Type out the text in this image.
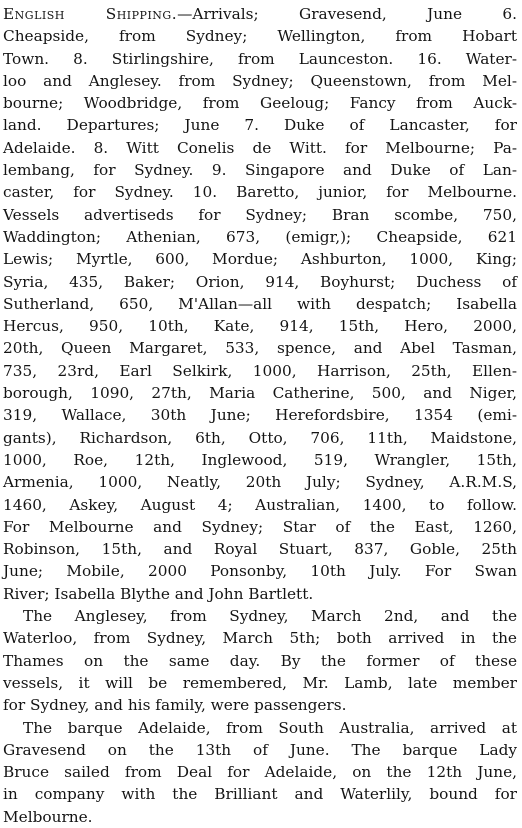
English Shipping.—Arrivals; Gravesend, June 6.
Cheapside, from Sydney; Wellington, from Hobart
Town. 8. Stirlingshire, from Launceston. 16. Water-
loo and Anglesey. from Sydney; Queenstown, from Mel-
bourne; Woodbridge, from Geeloug; Fancy from Auck-
land. Departures; June 7. Duke of Lancaster, for
Adelaide. 8. Witt Conelis de Witt. for Melbourne; Pa-
lembang, for Sydney. 9. Singapore and Duke of Lan-
caster, for Sydney. 10. Baretto, junior, for Melbourne.
Vessels advertiseds for Sydney; Bran scombe, 750,
Waddington; Athenian, 673, (emigr,); Cheapside, 621
Lewis; Myrtle, 600, Mordue; Ashburton, 1000, King;
Syria, 435, Baker; Orion, 914, Boyhurst; Duchess of
Sutherland, 650, M'Allan—all with despatch; Isabella
Hercus, 950, 10th, Kate, 914, 15th, Hero, 2000,
20th, Queen Margaret, 533, spence, and Abel Tasman,
735, 23rd, Earl Selkirk, 1000, Harrison, 25th, Ellen-
borough, 1090, 27th, Maria Catherine, 500, and Niger,
319, Wallace, 30th June; Herefordsbire, 1354 (emi-
gants), Richardson, 6th, Otto, 706, 11th, Maidstone,
1000, Roe, 12th, Inglewood, 519, Wrangler, 15th,
Armenia, 1000, Neatly, 20th July; Sydney, A.R.M.S,
1460, Askey, August 4; Australian, 1400, to follow.
For Melbourne and Sydney; Star of the East, 1260,
Robinson, 15th, and Royal Stuart, 837, Goble, 25th
June; Mobile, 2000 Ponsonby, 10th July. For Swan
River; Isabella Blythe and John Bartlett.
The Anglesey, from Sydney, March 2nd, and the
Waterloo, from Sydney, March 5th; both arrived in the
Thames on the same day. By the former of these
vessels, it will be remembered, Mr. Lamb, late member
for Sydney, and his family, were passengers.
The barque Adelaide, from South Australia, arrived at
Gravesend on the 13th of June. The barque Lady
Bruce sailed from Deal for Adelaide, on the 12th June,
in company with the Brilliant and Waterlily, bound for
Melbourne.
